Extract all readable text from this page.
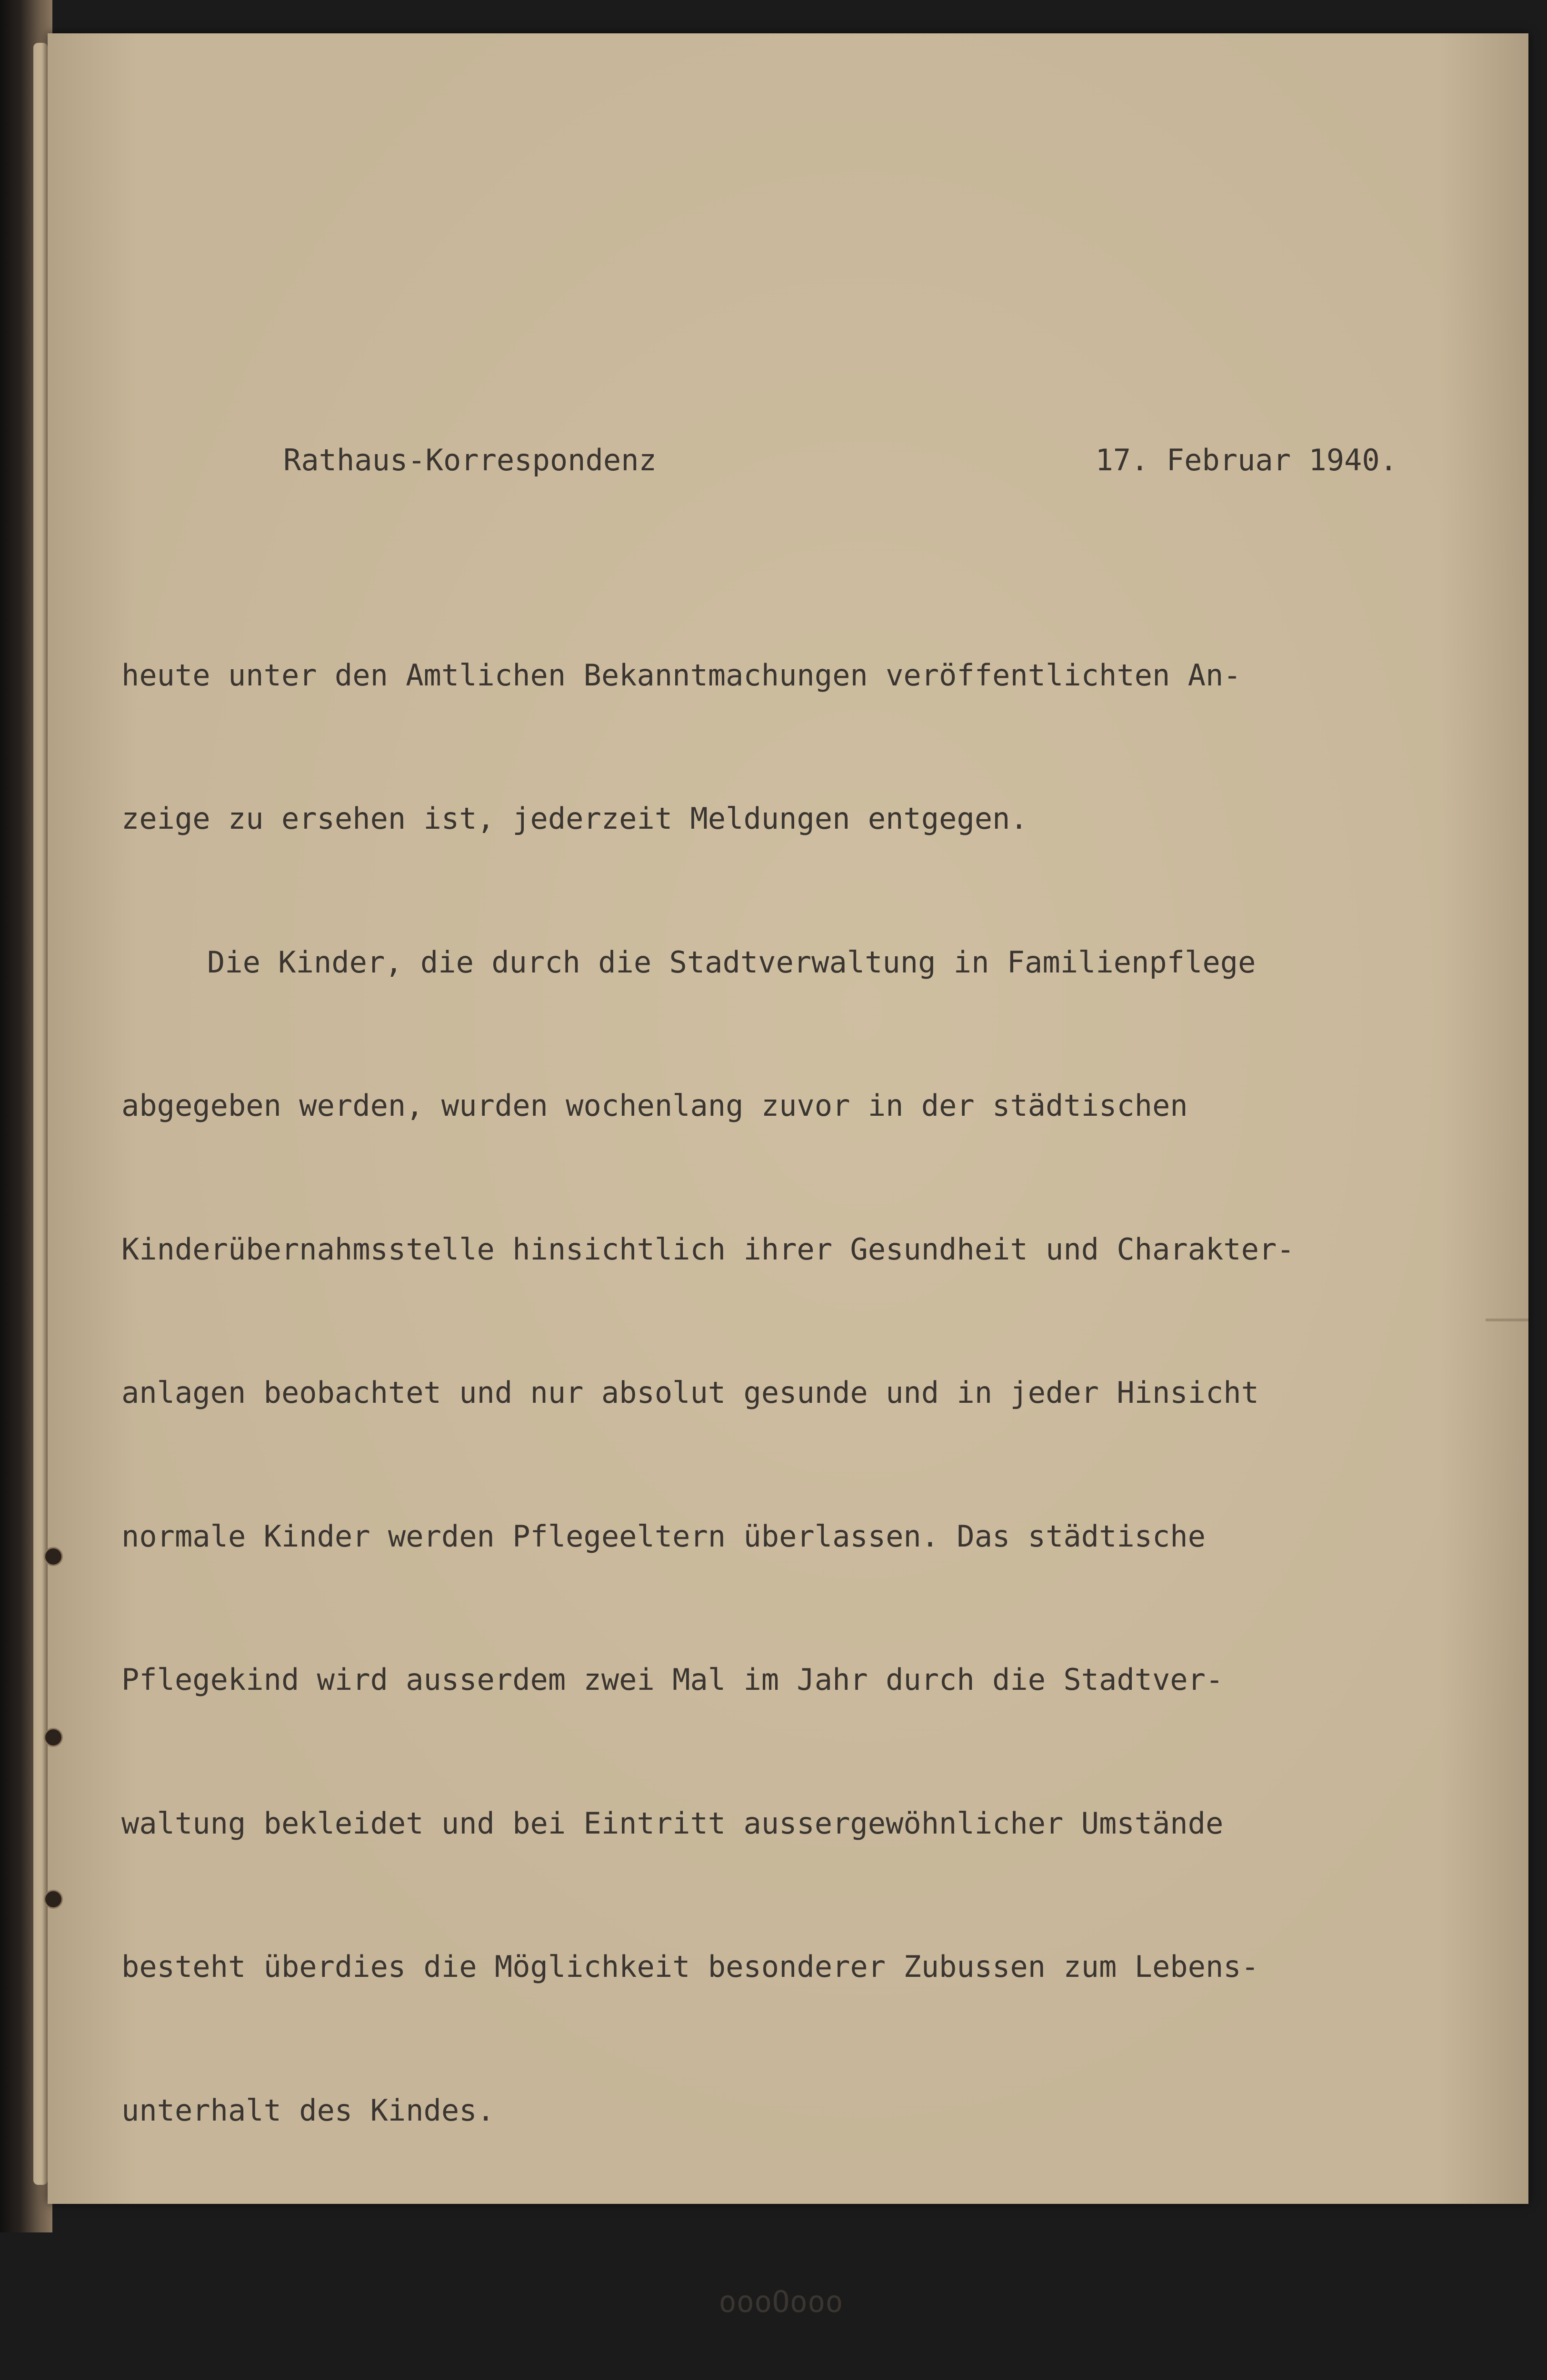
Rathaus-Korrespondenz	17. Februar 1940.

heute unter den Amtlichen Bekanntmachungen veröffentlichten An-

zeige zu ersehen ist, jederzeit Meldungen entgegen.

Die Kinder, die durch die Stadtverwaltung in Familienpflege

abgegeben werden, wurden wochenlang zuvor in der städtischen

Kinderübernahmsstelle hinsichtlich ihrer Gesundheit und Charakter-

anlagen beobachtet und nur absolut gesunde und in jeder Hinsicht

normale Kinder werden Pflegeeltern überlassen. Das städtische

Pflegekind wird ausserdem zwei Mal im Jahr durch die Stadtver-

waltung bekleidet und bei Eintritt aussergewöhnlicher Umstände

besteht überdies die Möglichkeit besonderer Zubussen zum Lebens-

unterhalt des Kindes.

oooOooo
